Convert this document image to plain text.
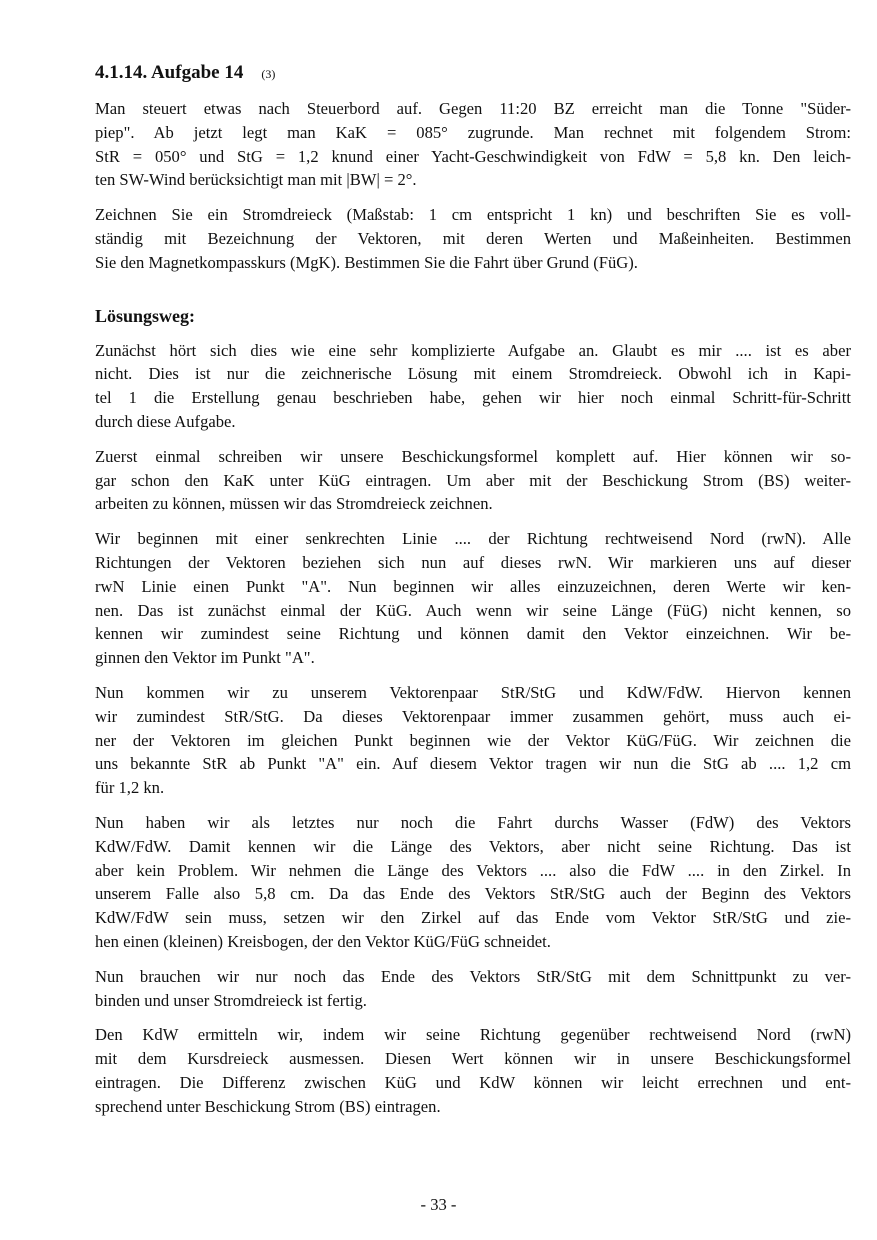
4.1.14. Aufgabe 14 (3)
Man steuert etwas nach Steuerbord auf. Gegen 11:20 BZ erreicht man die Tonne "Süder-
piep". Ab jetzt legt man KaK = 085° zugrunde. Man rechnet mit folgendem Strom:
StR = 050° und StG = 1,2 knund einer Yacht-Geschwindigkeit von FdW = 5,8 kn. Den leich-
ten SW-Wind berücksichtigt man mit |BW| = 2°.
Zeichnen Sie ein Stromdreieck (Maßstab: 1 cm entspricht 1 kn) und beschriften Sie es voll-
ständig mit Bezeichnung der Vektoren, mit deren Werten und Maßeinheiten. Bestimmen
Sie den Magnetkompasskurs (MgK). Bestimmen Sie die Fahrt über Grund (FüG).
Lösungsweg:
Zunächst hört sich dies wie eine sehr komplizierte Aufgabe an. Glaubt es mir .... ist es aber
nicht. Dies ist nur die zeichnerische Lösung mit einem Stromdreieck. Obwohl ich in Kapi-
tel 1 die Erstellung genau beschrieben habe, gehen wir hier noch einmal Schritt-für-Schritt
durch diese Aufgabe.
Zuerst einmal schreiben wir unsere Beschickungsformel komplett auf. Hier können wir so-
gar schon den KaK unter KüG eintragen. Um aber mit der Beschickung Strom (BS) weiter-
arbeiten zu können, müssen wir das Stromdreieck zeichnen.
Wir beginnen mit einer senkrechten Linie .... der Richtung rechtweisend Nord (rwN). Alle
Richtungen der Vektoren beziehen sich nun auf dieses rwN. Wir markieren uns auf dieser
rwN Linie einen Punkt "A". Nun beginnen wir alles einzuzeichnen, deren Werte wir ken-
nen. Das ist zunächst einmal der KüG. Auch wenn wir seine Länge (FüG) nicht kennen, so
kennen wir zumindest seine Richtung und können damit den Vektor einzeichnen. Wir be-
ginnen den Vektor im Punkt "A".
Nun kommen wir zu unserem Vektorenpaar StR/StG und KdW/FdW. Hiervon kennen
wir zumindest StR/StG. Da dieses Vektorenpaar immer zusammen gehört, muss auch ei-
ner der Vektoren im gleichen Punkt beginnen wie der Vektor KüG/FüG. Wir zeichnen die
uns bekannte StR ab Punkt "A" ein. Auf diesem Vektor tragen wir nun die StG ab .... 1,2 cm
für 1,2 kn.
Nun haben wir als letztes nur noch die Fahrt durchs Wasser (FdW) des Vektors
KdW/FdW. Damit kennen wir die Länge des Vektors, aber nicht seine Richtung. Das ist
aber kein Problem. Wir nehmen die Länge des Vektors .... also die FdW .... in den Zirkel. In
unserem Falle also 5,8 cm. Da das Ende des Vektors StR/StG auch der Beginn des Vektors
KdW/FdW sein muss, setzen wir den Zirkel auf das Ende vom Vektor StR/StG und zie-
hen einen (kleinen) Kreisbogen, der den Vektor KüG/FüG schneidet.
Nun brauchen wir nur noch das Ende des Vektors StR/StG mit dem Schnittpunkt zu ver-
binden und unser Stromdreieck ist fertig.
Den KdW ermitteln wir, indem wir seine Richtung gegenüber rechtweisend Nord (rwN)
mit dem Kursdreieck ausmessen. Diesen Wert können wir in unsere Beschickungsformel
eintragen. Die Differenz zwischen KüG und KdW können wir leicht errechnen und ent-
sprechend unter Beschickung Strom (BS) eintragen.
- 33 -
